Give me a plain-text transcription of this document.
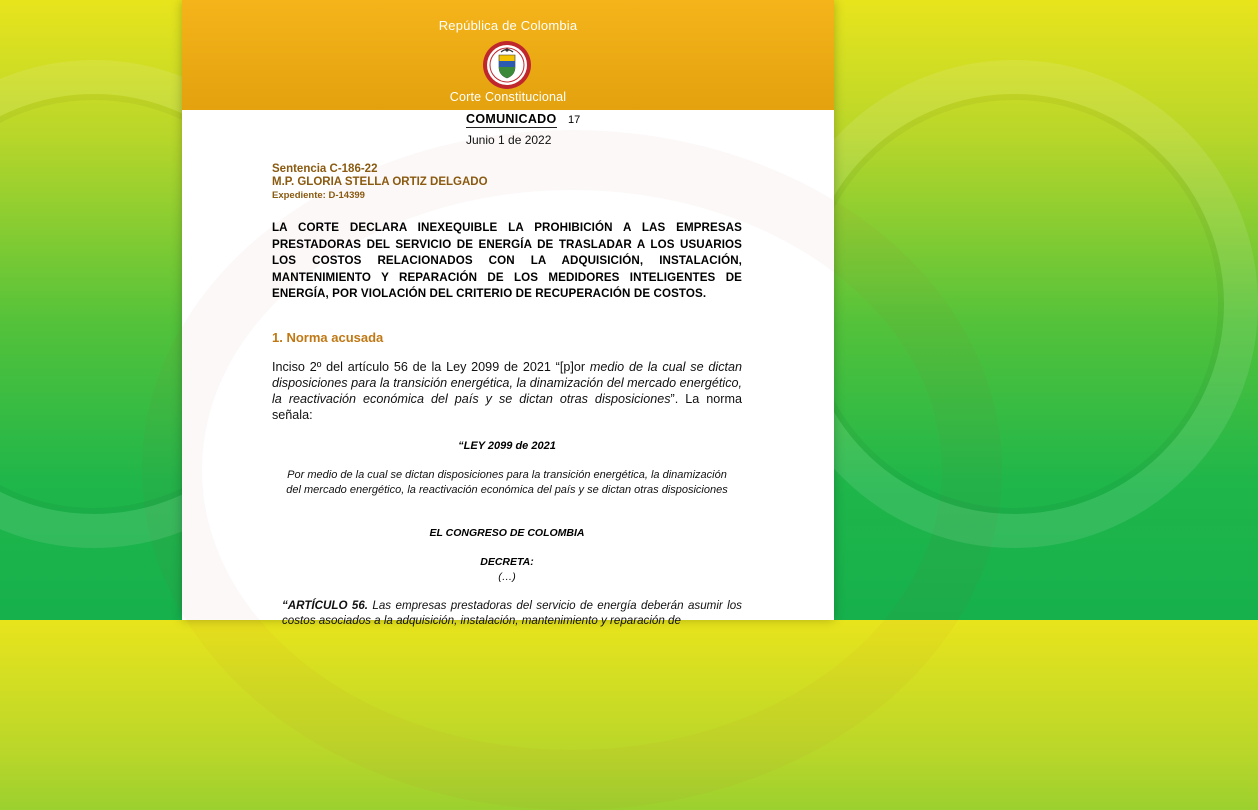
República de Colombia
Corte Constitucional
COMUNICADO 17
Junio 1 de 2022
Sentencia C-186-22
M.P. GLORIA STELLA ORTIZ DELGADO
Expediente: D-14399
LA CORTE DECLARA INEXEQUIBLE LA PROHIBICIÓN A LAS EMPRESAS PRESTADORAS DEL SERVICIO DE ENERGÍA DE TRASLADAR A LOS USUARIOS LOS COSTOS RELACIONADOS CON LA ADQUISICIÓN, INSTALACIÓN, MANTENIMIENTO Y REPARACIÓN DE LOS MEDIDORES INTELIGENTES DE ENERGÍA, POR VIOLACIÓN DEL CRITERIO DE RECUPERACIÓN DE COSTOS.
1. Norma acusada
Inciso 2º del artículo 56 de la Ley 2099 de 2021 “[p]or medio de la cual se dictan disposiciones para la transición energética, la dinamización del mercado energético, la reactivación económica del país y se dictan otras disposiciones”. La norma señala:
“LEY 2099 de 2021
Por medio de la cual se dictan disposiciones para la transición energética, la dinamización del mercado energético, la reactivación económica del país y se dictan otras disposiciones
EL CONGRESO DE COLOMBIA
DECRETA:
(…)
“ARTÍCULO 56. Las empresas prestadoras del servicio de energía deberán asumir los costos asociados a la adquisición, instalación, mantenimiento y reparación de
